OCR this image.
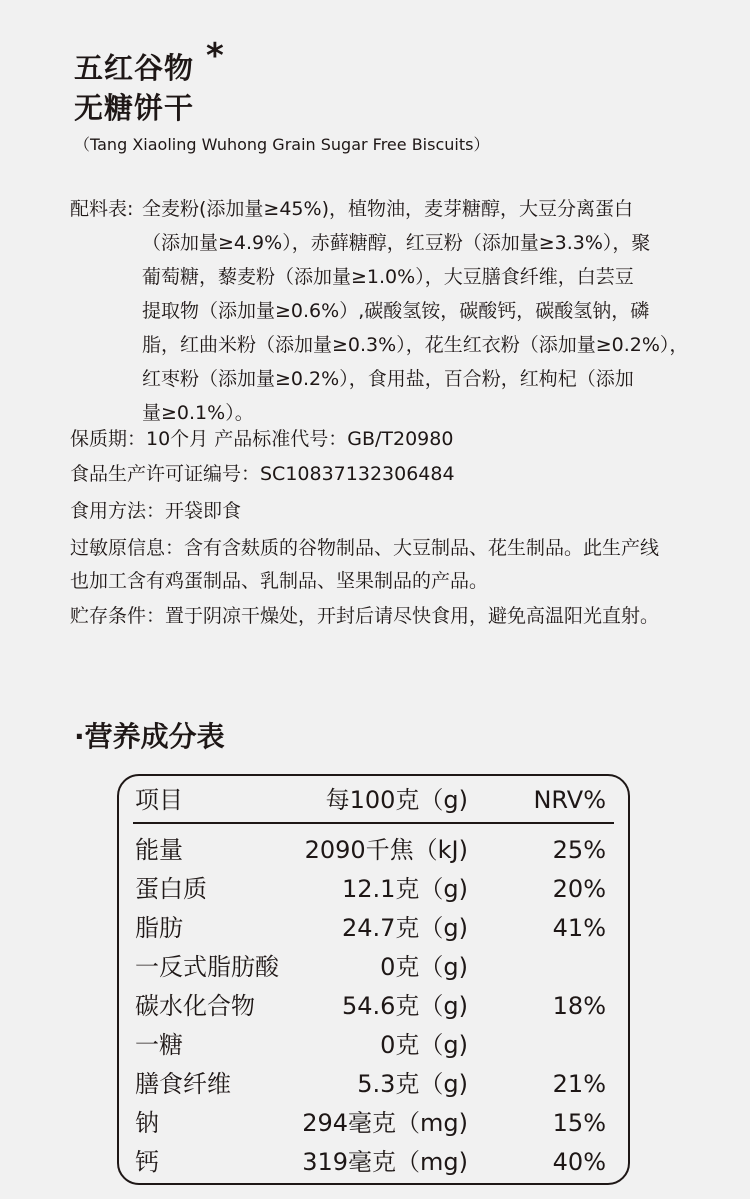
五红谷物 *
无糖饼干
（Tang Xiaoling Wuhong Grain Sugar Free Biscuits）
配料表: 全麦粉(添加量≥45%)，植物油，麦芽糖醇，大豆分离蛋白
（添加量≥4.9%），赤藓糖醇，红豆粉（添加量≥3.3%），聚
葡萄糖，藜麦粉（添加量≥1.0%），大豆膳食纤维，白芸豆
提取物（添加量≥0.6%）,碳酸氢铵，碳酸钙，碳酸氢钠，磷
脂，红曲米粉（添加量≥0.3%），花生红衣粉（添加量≥0.2%），
红枣粉（添加量≥0.2%），食用盐，百合粉，红枸杞（添加
量≥0.1%）。
保质期：10个月 产品标准代号：GB/T20980
食品生产许可证编号：SC10837132306484
食用方法：开袋即食
过敏原信息：含有含麸质的谷物制品、大豆制品、花生制品。此生产线
也加工含有鸡蛋制品、乳制品、坚果制品的产品。
贮存条件：置于阴凉干燥处，开封后请尽快食用，避免高温阳光直射。
·营养成分表
项目	每100克（g)	NRV%
能量	2090千焦（kJ)	25%
蛋白质	12.1克（g)	20%
脂肪	24.7克（g)	41%
一反式脂肪酸	0克（g)
碳水化合物	54.6克（g)	18%
一糖	0克（g)
膳食纤维	5.3克（g)	21%
钠	294毫克（mg)	15%
钙	319毫克（mg)	40%
